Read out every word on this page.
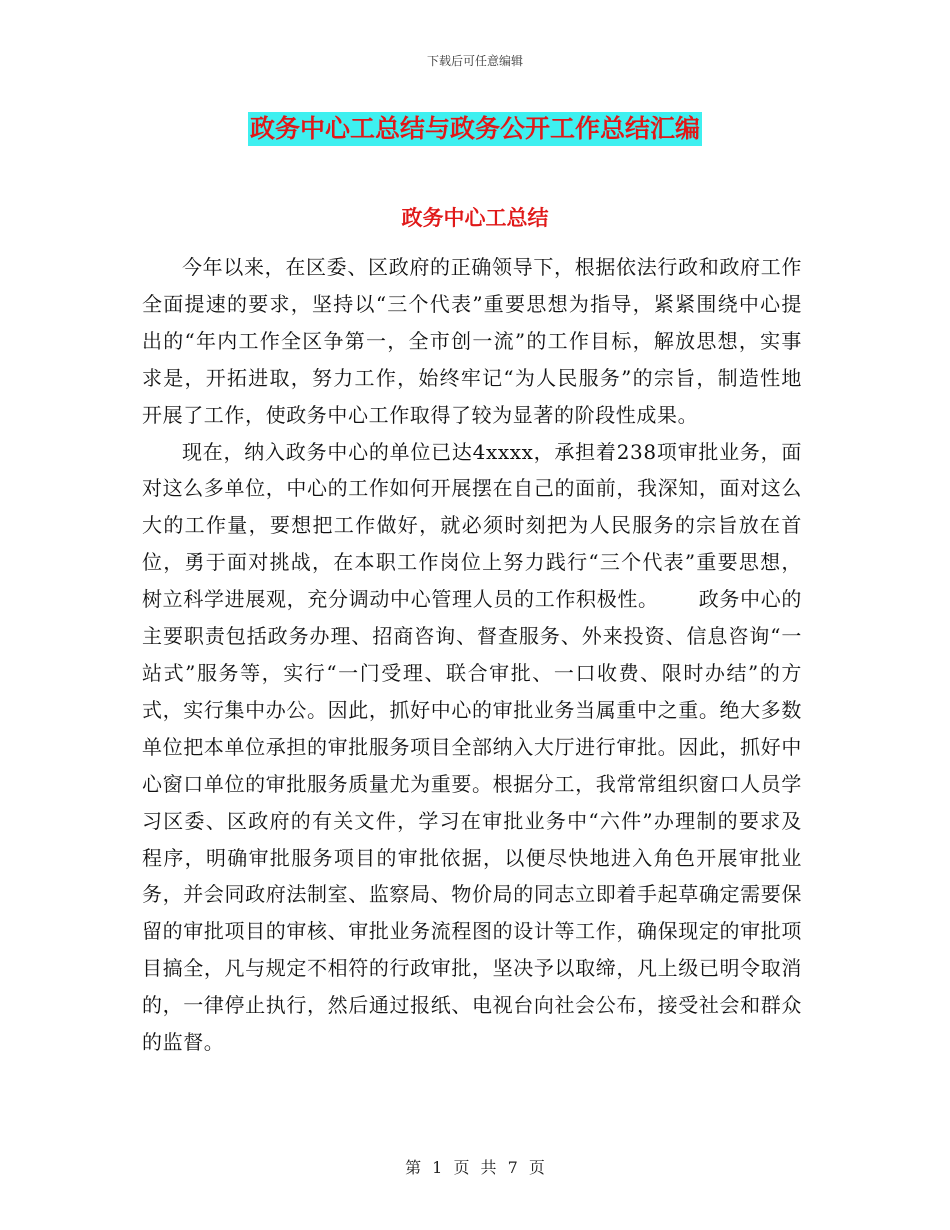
下载后可任意编辑
政务中心工总结与政务公开工作总结汇编
政务中心工总结

今年以来，在区委、区政府的正确领导下，根据依法行政和政府工作全面提速的要求，坚持以“三个代表”重要思想为指导，紧紧围绕中心提出的“年内工作全区争第一，全市创一流”的工作目标，解放思想，实事求是，开拓进取，努力工作，始终牢记“为人民服务”的宗旨，制造性地开展了工作，使政务中心工作取得了较为显著的阶段性成果。

现在，纳入政务中心的单位已达4xxxx，承担着238项审批业务，面对这么多单位，中心的工作如何开展摆在自己的面前，我深知，面对这么大的工作量，要想把工作做好，就必须时刻把为人民服务的宗旨放在首位，勇于面对挑战，在本职工作岗位上努力践行“三个代表”重要思想，树立科学进展观，充分调动中心管理人员的工作积极性。 政务中心的主要职责包括政务办理、招商咨询、督查服务、外来投资、信息咨询“一站式”服务等，实行“一门受理、联合审批、一口收费、限时办结”的方式，实行集中办公。因此，抓好中心的审批业务当属重中之重。绝大多数单位把本单位承担的审批服务项目全部纳入大厅进行审批。因此，抓好中心窗口单位的审批服务质量尤为重要。根据分工，我常常组织窗口人员学习区委、区政府的有关文件，学习在审批业务中“六件”办理制的要求及程序，明确审批服务项目的审批依据，以便尽快地进入角色开展审批业务，并会同政府法制室、监察局、物价局的同志立即着手起草确定需要保留的审批项目的审核、审批业务流程图的设计等工作，确保现定的审批项目搞全，凡与规定不相符的行政审批，坚决予以取缔，凡上级已明令取消的，一律停止执行，然后通过报纸、电视台向社会公布，接受社会和群众的监督。

第 1 页 共 7 页
